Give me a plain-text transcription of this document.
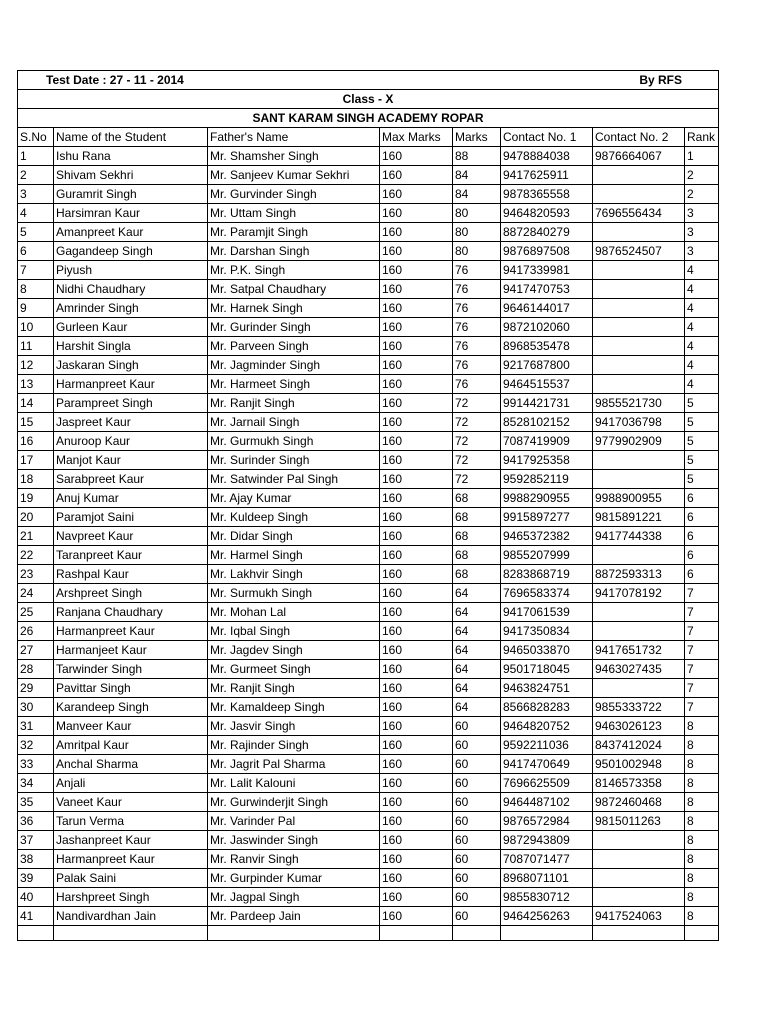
Test Date : 27 - 11 - 2014				By RFS			
Class - X							
SANT KARAM SINGH ACADEMY ROPAR							
S.No	Name of the Student	Father's Name	Max Marks	Marks	Contact No. 1	Contact No. 2	Rank
1	Ishu Rana	Mr. Shamsher Singh	160	88	9478884038	9876664067	1
2	Shivam Sekhri	Mr. Sanjeev Kumar Sekhri	160	84	9417625911		2
3	Guramrit Singh	Mr. Gurvinder Singh	160	84	9878365558		2
4	Harsimran Kaur	Mr. Uttam Singh	160	80	9464820593	7696556434	3
5	Amanpreet Kaur	Mr. Paramjit Singh	160	80	8872840279		3
6	Gagandeep Singh	Mr. Darshan Singh	160	80	9876897508	9876524507	3
7	Piyush	Mr. P.K. Singh	160	76	9417339981		4
8	Nidhi Chaudhary	Mr. Satpal Chaudhary	160	76	9417470753		4
9	Amrinder Singh	Mr. Harnek Singh	160	76	9646144017		4
10	Gurleen Kaur	Mr. Gurinder Singh	160	76	9872102060		4
11	Harshit Singla	Mr. Parveen Singh	160	76	8968535478		4
12	Jaskaran Singh	Mr. Jagminder Singh	160	76	9217687800		4
13	Harmanpreet Kaur	Mr. Harmeet Singh	160	76	9464515537		4
14	Parampreet Singh	Mr. Ranjit Singh	160	72	9914421731	9855521730	5
15	Jaspreet Kaur	Mr. Jarnail Singh	160	72	8528102152	9417036798	5
16	Anuroop Kaur	Mr. Gurmukh Singh	160	72	7087419909	9779902909	5
17	Manjot Kaur	Mr. Surinder Singh	160	72	9417925358		5
18	Sarabpreet Kaur	Mr. Satwinder Pal Singh	160	72	9592852119		5
19	Anuj Kumar	Mr. Ajay Kumar	160	68	9988290955	9988900955	6
20	Paramjot Saini	Mr. Kuldeep Singh	160	68	9915897277	9815891221	6
21	Navpreet Kaur	Mr. Didar Singh	160	68	9465372382	9417744338	6
22	Taranpreet Kaur	Mr. Harmel Singh	160	68	9855207999		6
23	Rashpal Kaur	Mr. Lakhvir Singh	160	68	8283868719	8872593313	6
24	Arshpreet Singh	Mr. Surmukh Singh	160	64	7696583374	9417078192	7
25	Ranjana Chaudhary	Mr. Mohan Lal	160	64	9417061539		7
26	Harmanpreet Kaur	Mr. Iqbal Singh	160	64	9417350834		7
27	Harmanjeet Kaur	Mr. Jagdev Singh	160	64	9465033870	9417651732	7
28	Tarwinder Singh	Mr. Gurmeet Singh	160	64	9501718045	9463027435	7
29	Pavittar Singh	Mr. Ranjit Singh	160	64	9463824751		7
30	Karandeep Singh	Mr. Kamaldeep Singh	160	64	8566828283	9855333722	7
31	Manveer Kaur	Mr. Jasvir Singh	160	60	9464820752	9463026123	8
32	Amritpal Kaur	Mr. Rajinder Singh	160	60	9592211036	8437412024	8
33	Anchal Sharma	Mr. Jagrit Pal Sharma	160	60	9417470649	9501002948	8
34	Anjali	Mr. Lalit Kalouni	160	60	7696625509	8146573358	8
35	Vaneet Kaur	Mr. Gurwinderjit Singh	160	60	9464487102	9872460468	8
36	Tarun Verma	Mr. Varinder Pal	160	60	9876572984	9815011263	8
37	Jashanpreet Kaur	Mr. Jaswinder Singh	160	60	9872943809		8
38	Harmanpreet Kaur	Mr. Ranvir Singh	160	60	7087071477		8
39	Palak Saini	Mr. Gurpinder Kumar	160	60	8968071101		8
40	Harshpreet Singh	Mr. Jagpal Singh	160	60	9855830712		8
41	Nandivardhan Jain	Mr. Pardeep Jain	160	60	9464256263	9417524063	8
